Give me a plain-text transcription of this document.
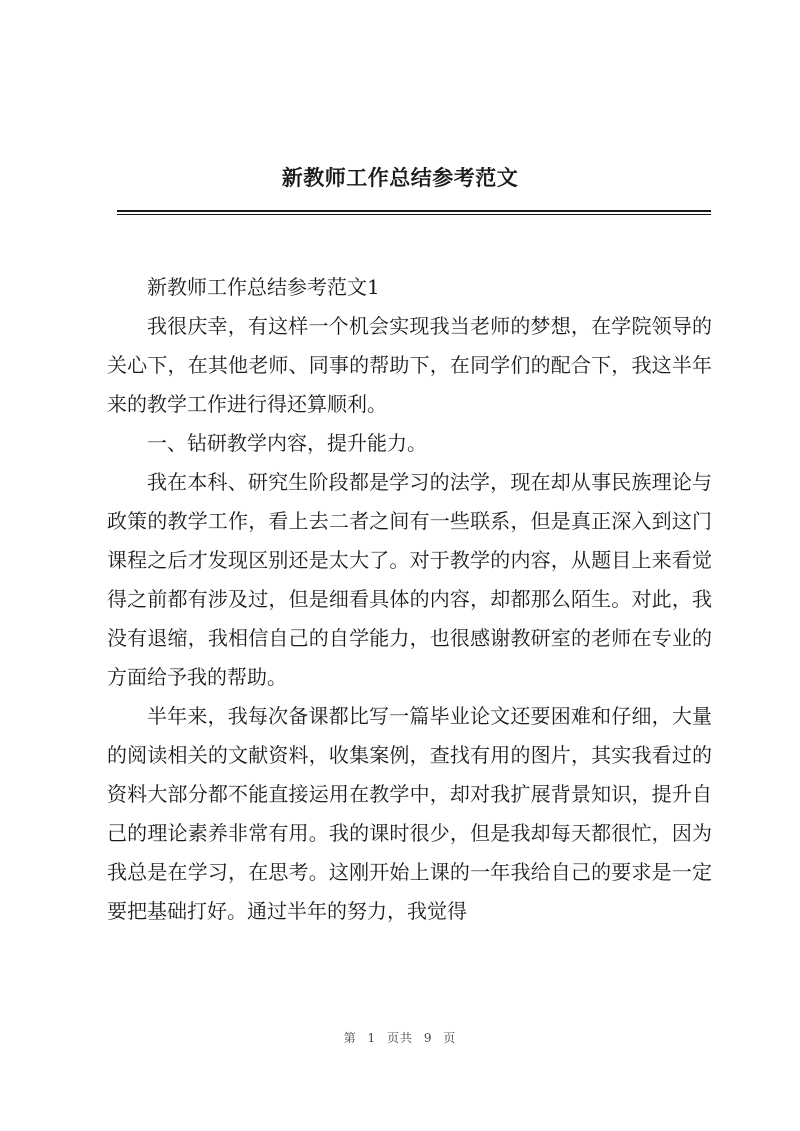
新教师工作总结参考范文

新教师工作总结参考范文1

我很庆幸，有这样一个机会实现我当老师的梦想，在学院领导的关心下，在其他老师、同事的帮助下，在同学们的配合下，我这半年来的教学工作进行得还算顺利。

一、钻研教学内容，提升能力。

我在本科、研究生阶段都是学习的法学，现在却从事民族理论与政策的教学工作，看上去二者之间有一些联系，但是真正深入到这门课程之后才发现区别还是太大了。对于教学的内容，从题目上来看觉得之前都有涉及过，但是细看具体的内容，却都那么陌生。对此，我没有退缩，我相信自己的自学能力，也很感谢教研室的老师在专业的方面给予我的帮助。

半年来，我每次备课都比写一篇毕业论文还要困难和仔细，大量的阅读相关的文献资料，收集案例，查找有用的图片，其实我看过的资料大部分都不能直接运用在教学中，却对我扩展背景知识，提升自己的理论素养非常有用。我的课时很少，但是我却每天都很忙，因为我总是在学习，在思考。这刚开始上课的一年我给自己的要求是一定要把基础打好。通过半年的努力，我觉得

第 1 页共 9 页
